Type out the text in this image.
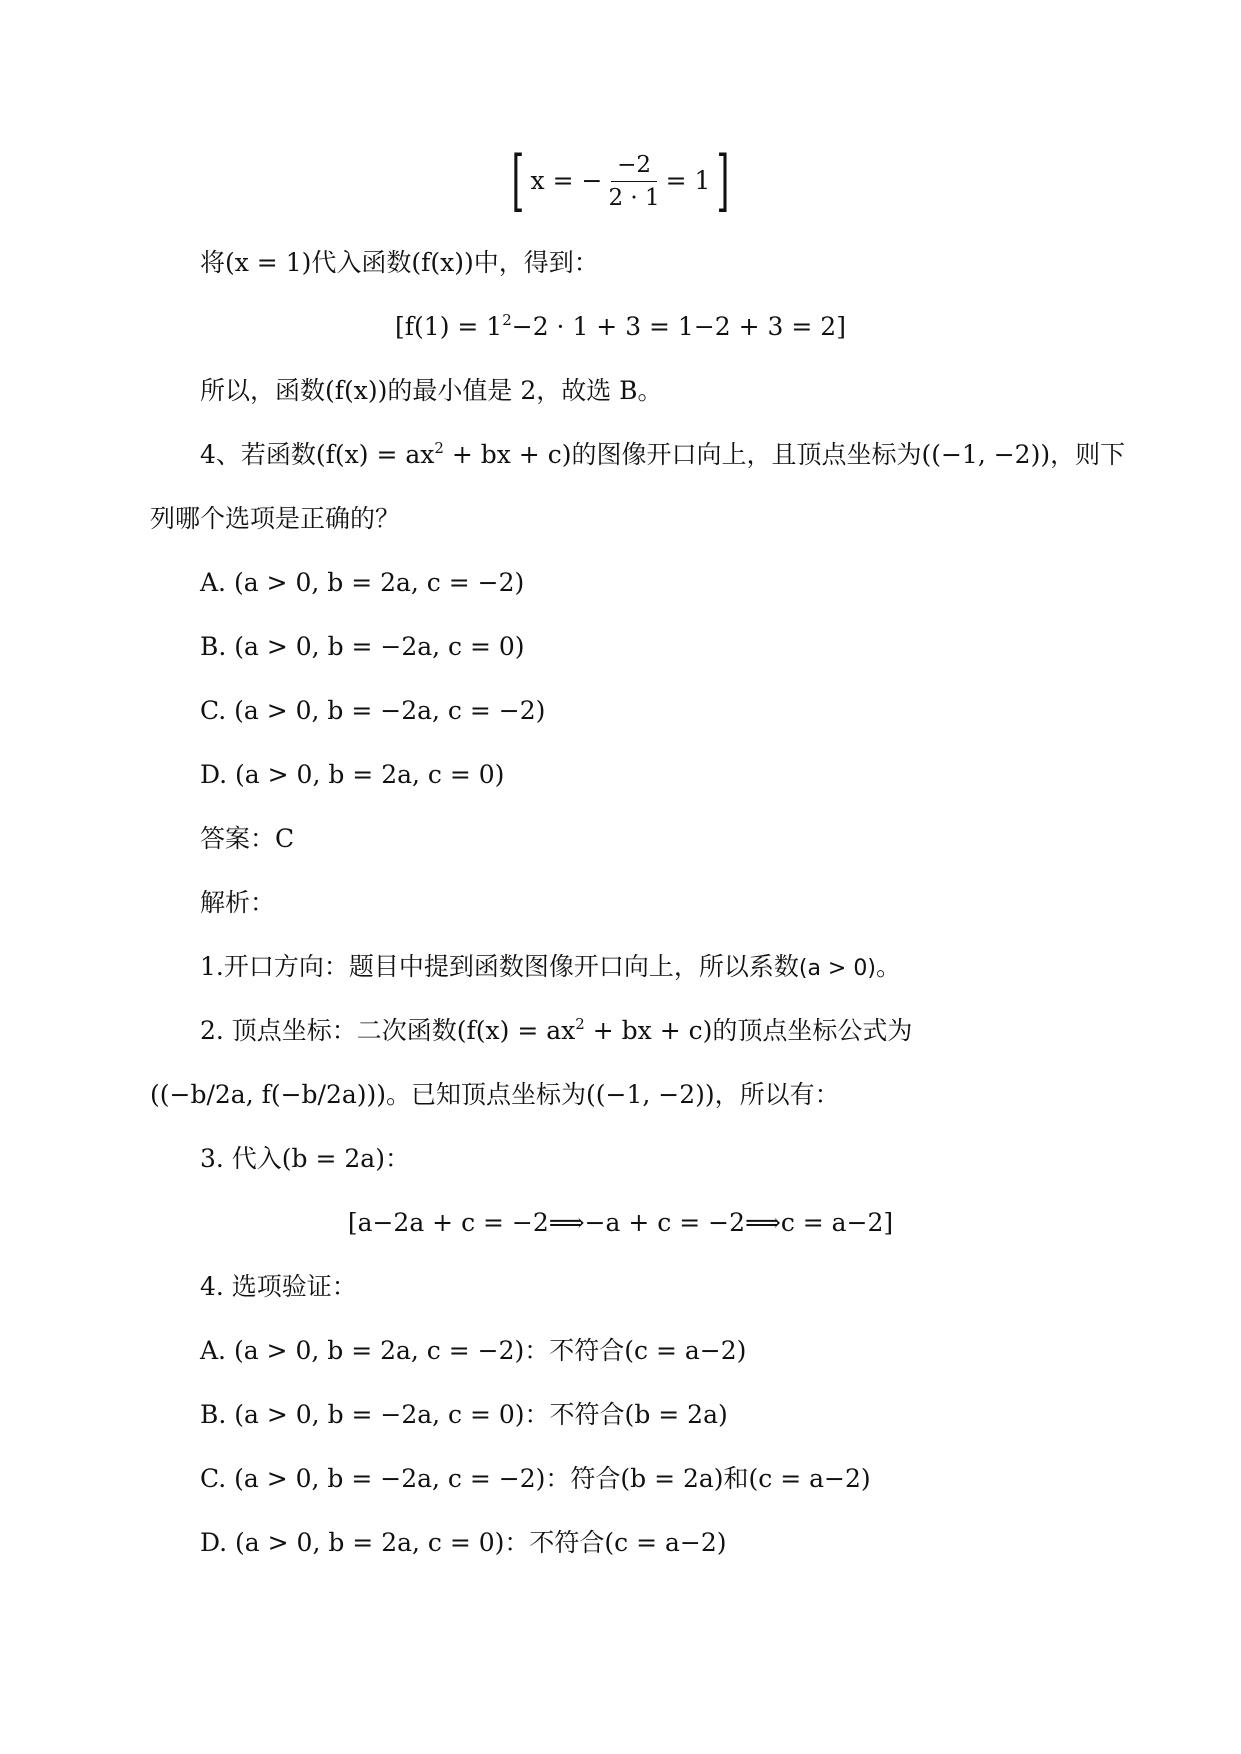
[ x = − $\frac{-2}{2 \cdot 1} = 1$ ]
将(x = 1)代入函数(f(x))中，得到：
$[f(1) = 1^2-2 \cdot 1 + 3 = 1-2 + 3 = 2]$
所以，函数(f(x))的最小值是 2，故选 B。
4、若函数($f(x) = ax^2$ + bx + c)的图像开口向上，且顶点坐标为((−1, −2))，则下
列哪个选项是正确的？
A. (a > 0, b = 2a, c = −2)
B. (a > 0, b = −2a, c = 0)
C. (a > 0, b = −2a, c = −2)
D. (a > 0, b = 2a, c = 0)
答案：C
解析：
1.开口方向：题目中提到函数图像开口向上，所以系数(a > 0)。
2. 顶点坐标：二次函数($f(x) = ax^2$ + bx + c)的顶点坐标公式为
((−b/2a, f(−b/2a)))。已知顶点坐标为((−1, −2))，所以有：
3. 代入(b = 2a)：
[a−2a + c = −2⟹−a + c = −2⟹c = a−2]
4. 选项验证：
A. (a > 0, b = 2a, c = −2)：不符合(c = a−2)
B. (a > 0, b = −2a, c = 0)：不符合(b = 2a)
C. (a > 0, b = −2a, c = −2)：符合(b = 2a)和(c = a−2)
D. (a > 0, b = 2a, c = 0)：不符合(c = a−2)
